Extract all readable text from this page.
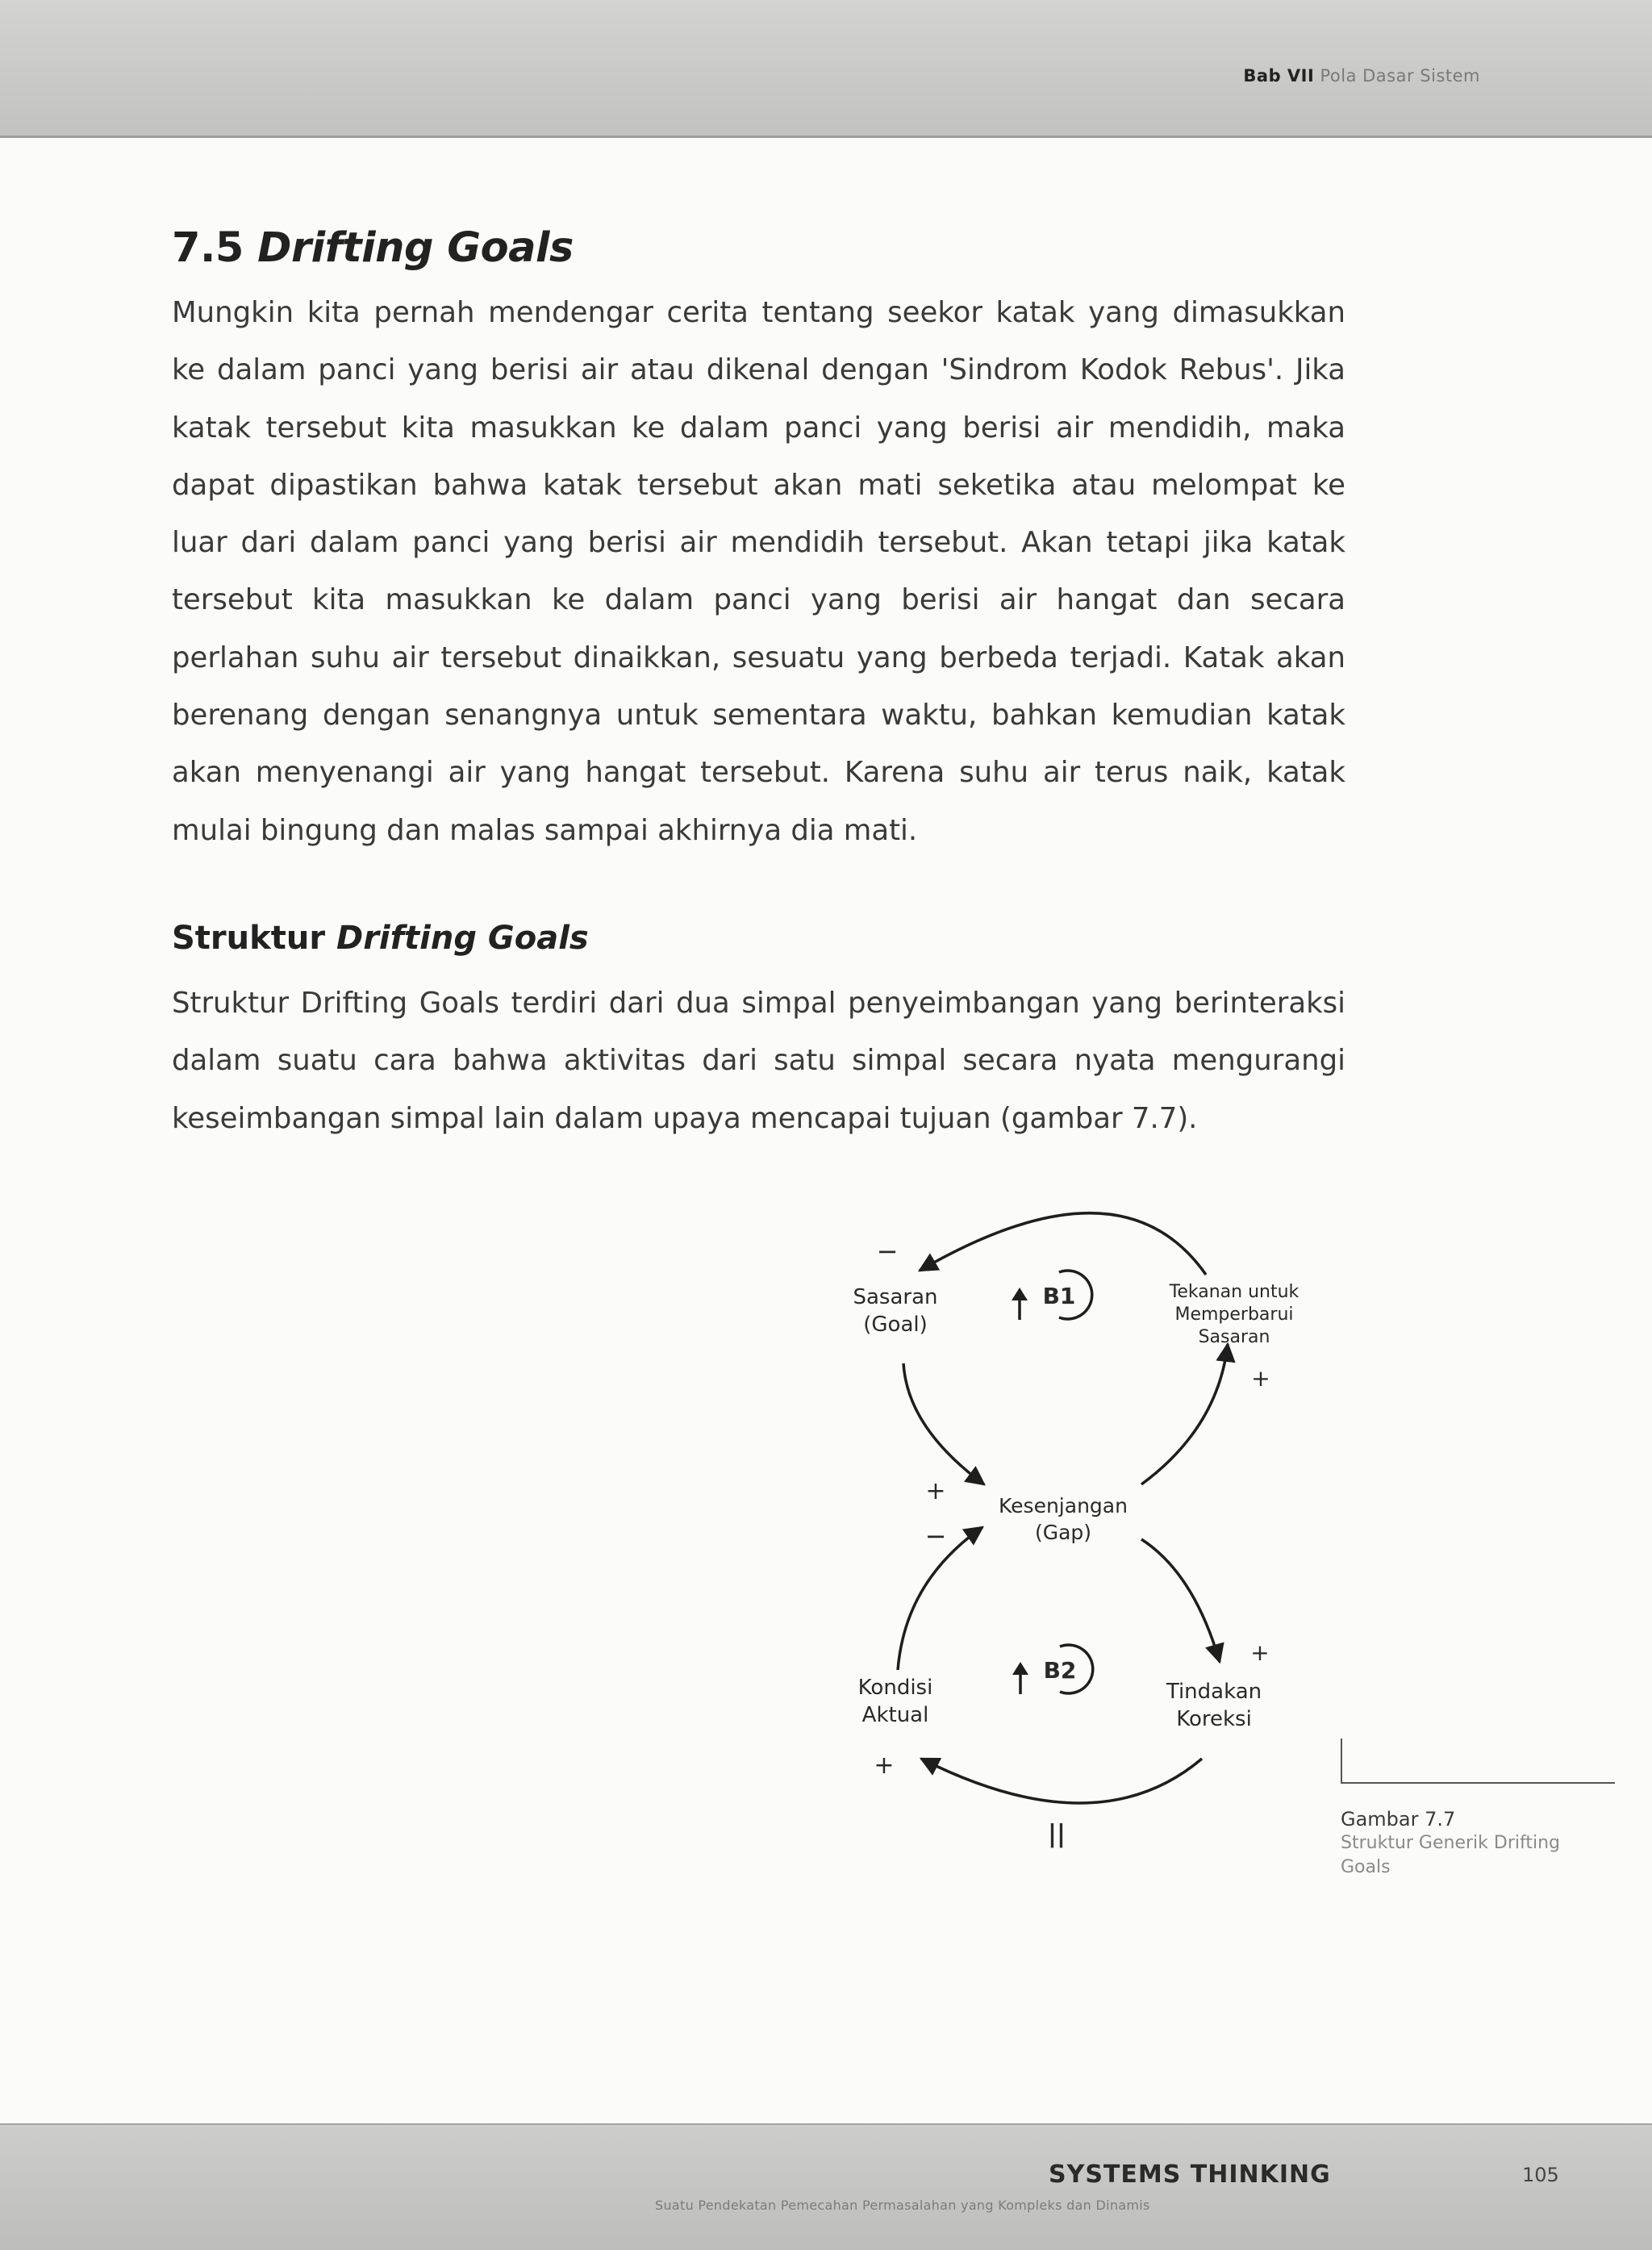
Bab VII Pola Dasar Sistem
7.5 Drifting Goals

Mungkin kita pernah mendengar cerita tentang seekor katak yang dimasukkan ke dalam panci yang berisi air atau dikenal dengan 'Sindrom Kodok Rebus'. Jika katak tersebut kita masukkan ke dalam panci yang berisi air mendidih, maka dapat dipastikan bahwa katak tersebut akan mati seketika atau melompat ke luar dari dalam panci yang berisi air mendidih tersebut. Akan tetapi jika katak tersebut kita masukkan ke dalam panci yang berisi air hangat dan secara perlahan suhu air tersebut dinaikkan, sesuatu yang berbeda terjadi. Katak akan berenang dengan senangnya untuk sementara waktu, bahkan kemudian katak akan menyenangi air yang hangat tersebut. Karena suhu air terus naik, katak mulai bingung dan malas sampai akhirnya dia mati.

Struktur Drifting Goals

Struktur Drifting Goals terdiri dari dua simpal penyeimbangan yang berinteraksi dalam suatu cara bahwa aktivitas dari satu simpal secara nyata mengurangi keseimbangan simpal lain dalam upaya mencapai tujuan (gambar 7.7).

||
Sasaran
(Goal)
Tekanan untuk
Memperbarui
Sasaran
Kesenjangan
(Gap)
Kondisi
Aktual
Tindakan
Koreksi
−
+
+
−
+
+
B1
B2
Gambar 7.7
Struktur Generik Drifting Goals
SYSTEMS THINKING
Suatu Pendekatan Pemecahan Permasalahan yang Kompleks dan Dinamis
105
